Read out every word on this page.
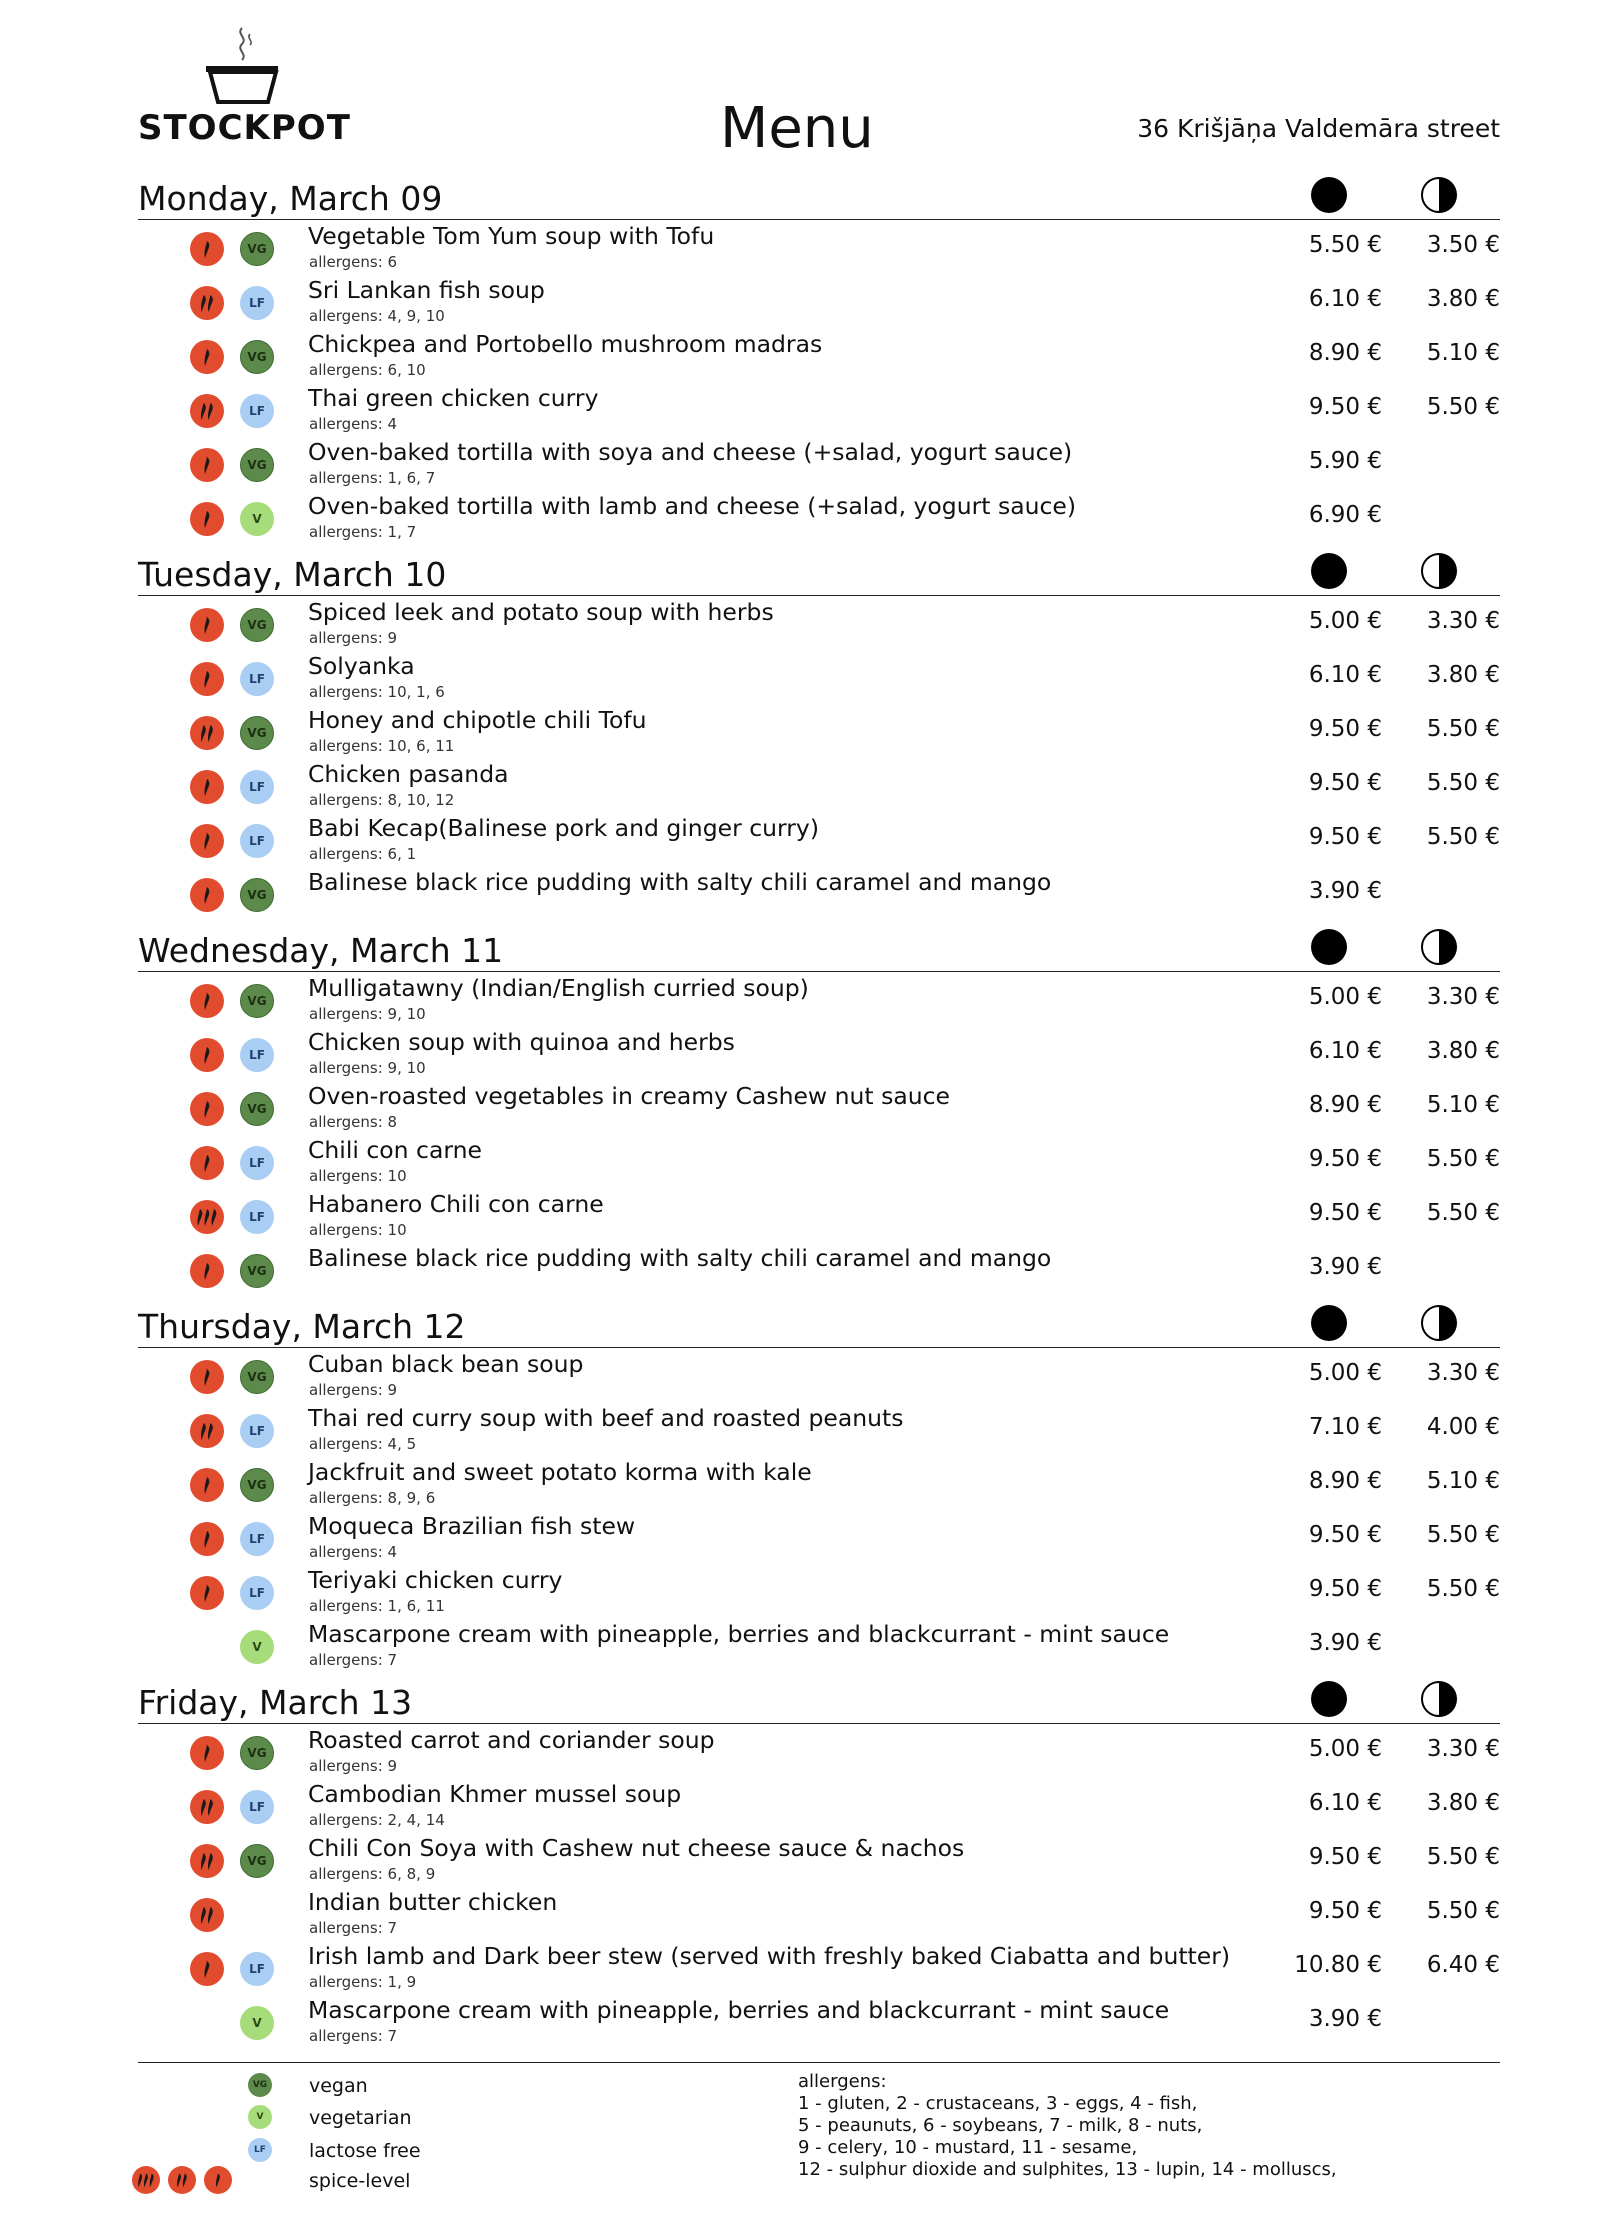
STOCKPOT	Menu	36 Krišjāņa Valdemāra street
Monday, March 09
VG	Vegetable Tom Yum soup with Tofu
allergens: 6
5.50 € 3.50 €
LF	Sri Lankan fish soup
allergens: 4, 9, 10
6.10 € 3.80 €
VG	Chickpea and Portobello mushroom madras
allergens: 6, 10
8.90 € 5.10 €
LF	Thai green chicken curry
allergens: 4
9.50 € 5.50 €
VG	Oven-baked tortilla with soya and cheese (+salad, yogurt sauce)
allergens: 1, 6, 7
5.90 €
V	Oven-baked tortilla with lamb and cheese (+salad, yogurt sauce)
allergens: 1, 7
6.90 €
Tuesday, March 10
VG	Spiced leek and potato soup with herbs
allergens: 9
5.00 € 3.30 €
LF	Solyanka
allergens: 10, 1, 6
6.10 € 3.80 €
VG	Honey and chipotle chili Tofu
allergens: 10, 6, 11
9.50 € 5.50 €
LF	Chicken pasanda
allergens: 8, 10, 12
9.50 € 5.50 €
LF	Babi Kecap(Balinese pork and ginger curry)
allergens: 6, 1
9.50 € 5.50 €
VG	Balinese black rice pudding with salty chili caramel and mango	3.90 €
Wednesday, March 11
VG	Mulligatawny (Indian/English curried soup)
allergens: 9, 10
5.00 € 3.30 €
LF	Chicken soup with quinoa and herbs
allergens: 9, 10
6.10 € 3.80 €
VG	Oven-roasted vegetables in creamy Cashew nut sauce
allergens: 8
8.90 € 5.10 €
LF	Chili con carne
allergens: 10
9.50 € 5.50 €
LF	Habanero Chili con carne
allergens: 10
9.50 € 5.50 €
VG	Balinese black rice pudding with salty chili caramel and mango	3.90 €
Thursday, March 12
VG	Cuban black bean soup
allergens: 9
5.00 € 3.30 €
LF	Thai red curry soup with beef and roasted peanuts
allergens: 4, 5
7.10 € 4.00 €
VG	Jackfruit and sweet potato korma with kale
allergens: 8, 9, 6
8.90 € 5.10 €
LF	Moqueca Brazilian fish stew
allergens: 4
9.50 € 5.50 €
LF	Teriyaki chicken curry
allergens: 1, 6, 11
9.50 € 5.50 €
V	Mascarpone cream with pineapple, berries and blackcurrant - mint sauce
allergens: 7
3.90 €
Friday, March 13
VG	Roasted carrot and coriander soup
allergens: 9
5.00 € 3.30 €
LF	Cambodian Khmer mussel soup
allergens: 2, 4, 14
6.10 € 3.80 €
VG	Chili Con Soya with Cashew nut cheese sauce & nachos
allergens: 6, 8, 9
9.50 € 5.50 €
Indian butter chicken
allergens: 7
9.50 € 5.50 €
LF	Irish lamb and Dark beer stew (served with freshly baked Ciabatta and butter)
allergens: 1, 9
10.80 € 6.40 €
V	Mascarpone cream with pineapple, berries and blackcurrant - mint sauce
allergens: 7
3.90 €
VG vegan
V	vegetarian
LF	lactose free
spice-level
allergens:
1 - gluten, 2 - crustaceans, 3 - eggs, 4 - fish,
5 - peaunuts, 6 - soybeans, 7 - milk, 8 - nuts,
9 - celery, 10 - mustard, 11 - sesame,
12 - sulphur dioxide and sulphites, 13 - lupin, 14 - molluscs,
